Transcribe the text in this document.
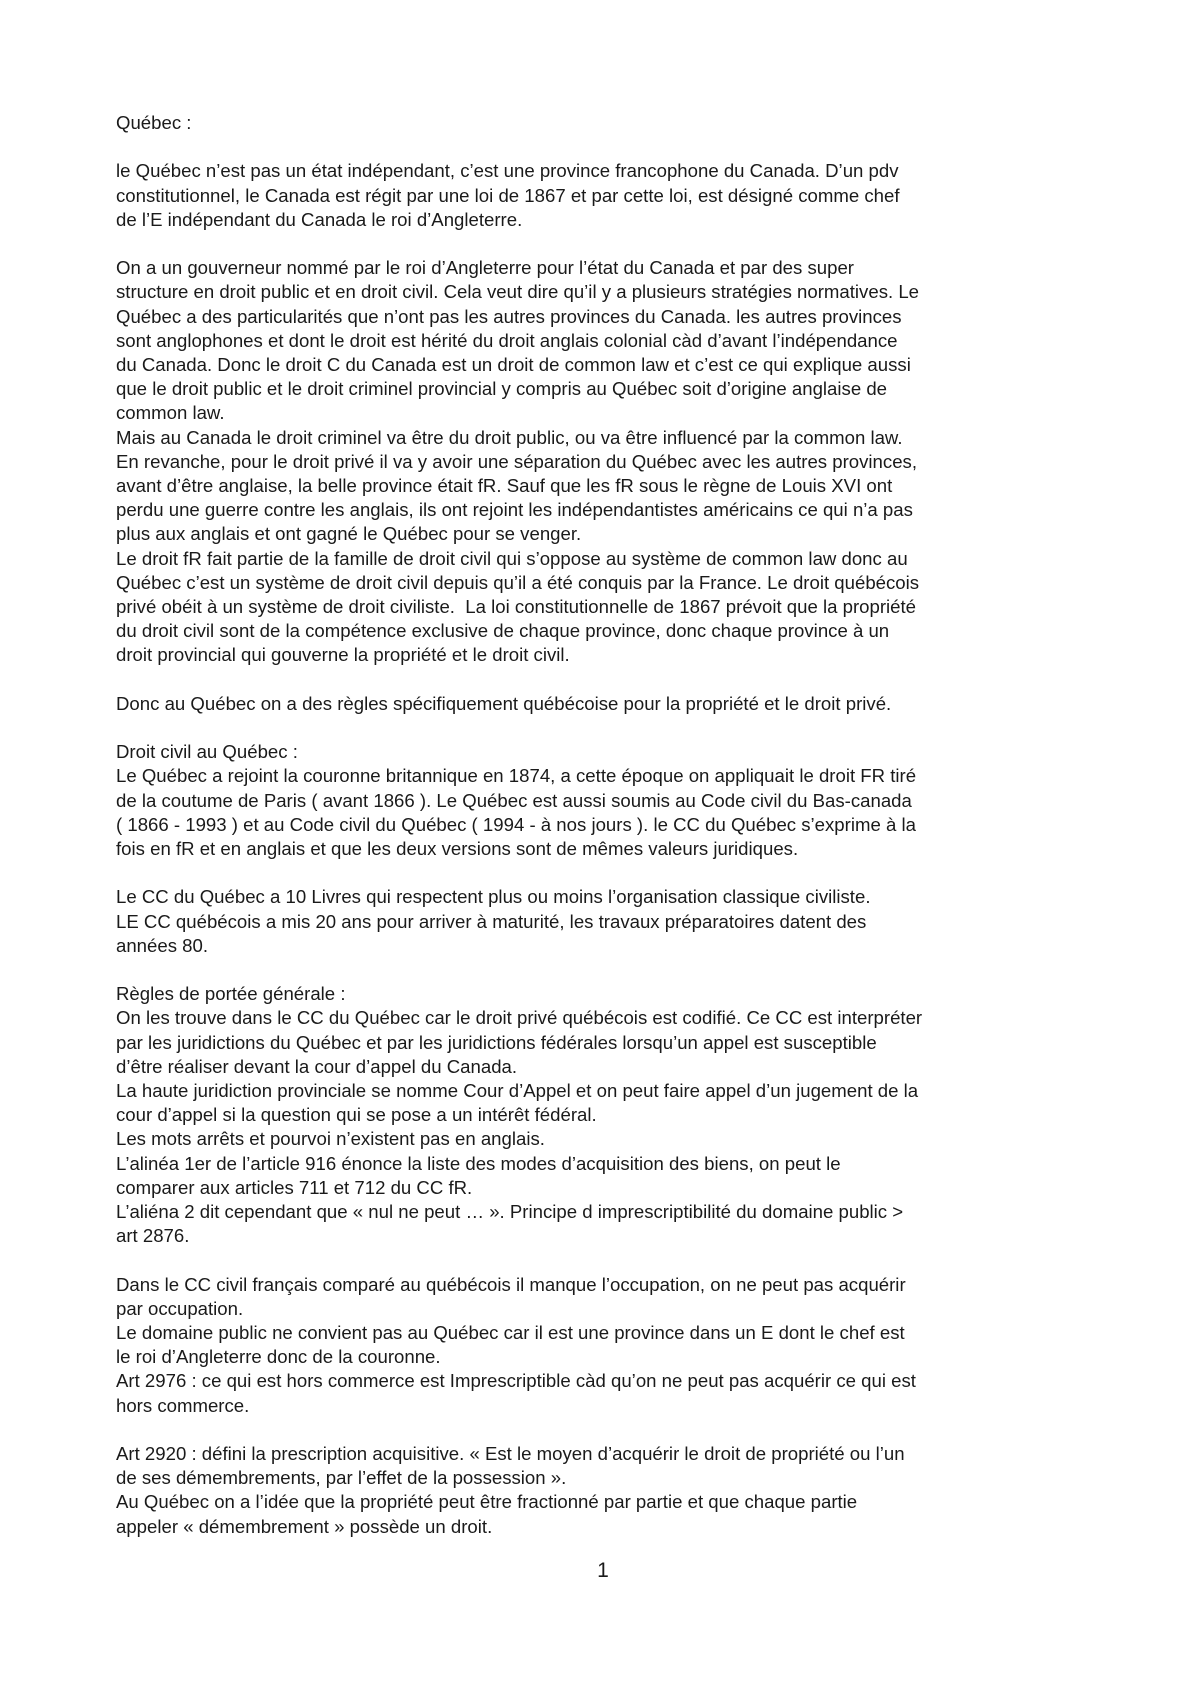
Québec :
le Québec n’est pas un état indépendant, c’est une province francophone du Canada. D’un pdv
constitutionnel, le Canada est régit par une loi de 1867 et par cette loi, est désigné comme chef
de l’E indépendant du Canada le roi d’Angleterre.
On a un gouverneur nommé par le roi d’Angleterre pour l’état du Canada et par des super
structure en droit public et en droit civil. Cela veut dire qu’il y a plusieurs stratégies normatives. Le
Québec a des particularités que n’ont pas les autres provinces du Canada. les autres provinces
sont anglophones et dont le droit est hérité du droit anglais colonial càd d’avant l’indépendance
du Canada. Donc le droit C du Canada est un droit de common law et c’est ce qui explique aussi
que le droit public et le droit criminel provincial y compris au Québec soit d’origine anglaise de
common law.
Mais au Canada le droit criminel va être du droit public, ou va être influencé par la common law.
En revanche, pour le droit privé il va y avoir une séparation du Québec avec les autres provinces,
avant d’être anglaise, la belle province était fR. Sauf que les fR sous le règne de Louis XVI ont
perdu une guerre contre les anglais, ils ont rejoint les indépendantistes américains ce qui n’a pas
plus aux anglais et ont gagné le Québec pour se venger.
Le droit fR fait partie de la famille de droit civil qui s’oppose au système de common law donc au
Québec c’est un système de droit civil depuis qu’il a été conquis par la France. Le droit québécois
privé obéit à un système de droit civiliste.  La loi constitutionnelle de 1867 prévoit que la propriété
du droit civil sont de la compétence exclusive de chaque province, donc chaque province à un
droit provincial qui gouverne la propriété et le droit civil.
Donc au Québec on a des règles spécifiquement québécoise pour la propriété et le droit privé.
Droit civil au Québec :
Le Québec a rejoint la couronne britannique en 1874, a cette époque on appliquait le droit FR tiré
de la coutume de Paris ( avant 1866 ). Le Québec est aussi soumis au Code civil du Bas-canada
( 1866 - 1993 ) et au Code civil du Québec ( 1994 - à nos jours ). le CC du Québec s’exprime à la
fois en fR et en anglais et que les deux versions sont de mêmes valeurs juridiques.
Le CC du Québec a 10 Livres qui respectent plus ou moins l’organisation classique civiliste.
LE CC québécois a mis 20 ans pour arriver à maturité, les travaux préparatoires datent des
années 80.
Règles de portée générale :
On les trouve dans le CC du Québec car le droit privé québécois est codifié. Ce CC est interpréter
par les juridictions du Québec et par les juridictions fédérales lorsqu’un appel est susceptible
d’être réaliser devant la cour d’appel du Canada.
La haute juridiction provinciale se nomme Cour d’Appel et on peut faire appel d’un jugement de la
cour d’appel si la question qui se pose a un intérêt fédéral.
Les mots arrêts et pourvoi n’existent pas en anglais.
L’alinéa 1er de l’article 916 énonce la liste des modes d’acquisition des biens, on peut le
comparer aux articles 711 et 712 du CC fR.
L’aliéna 2 dit cependant que « nul ne peut … ». Principe d imprescriptibilité du domaine public >
art 2876.
Dans le CC civil français comparé au québécois il manque l’occupation, on ne peut pas acquérir
par occupation.
Le domaine public ne convient pas au Québec car il est une province dans un E dont le chef est
le roi d’Angleterre donc de la couronne.
Art 2976 : ce qui est hors commerce est Imprescriptible càd qu’on ne peut pas acquérir ce qui est
hors commerce.
Art 2920 : défini la prescription acquisitive. « Est le moyen d’acquérir le droit de propriété ou l’un
de ses démembrements, par l’effet de la possession ».
Au Québec on a l’idée que la propriété peut être fractionné par partie et que chaque partie
appeler « démembrement » possède un droit.
1
